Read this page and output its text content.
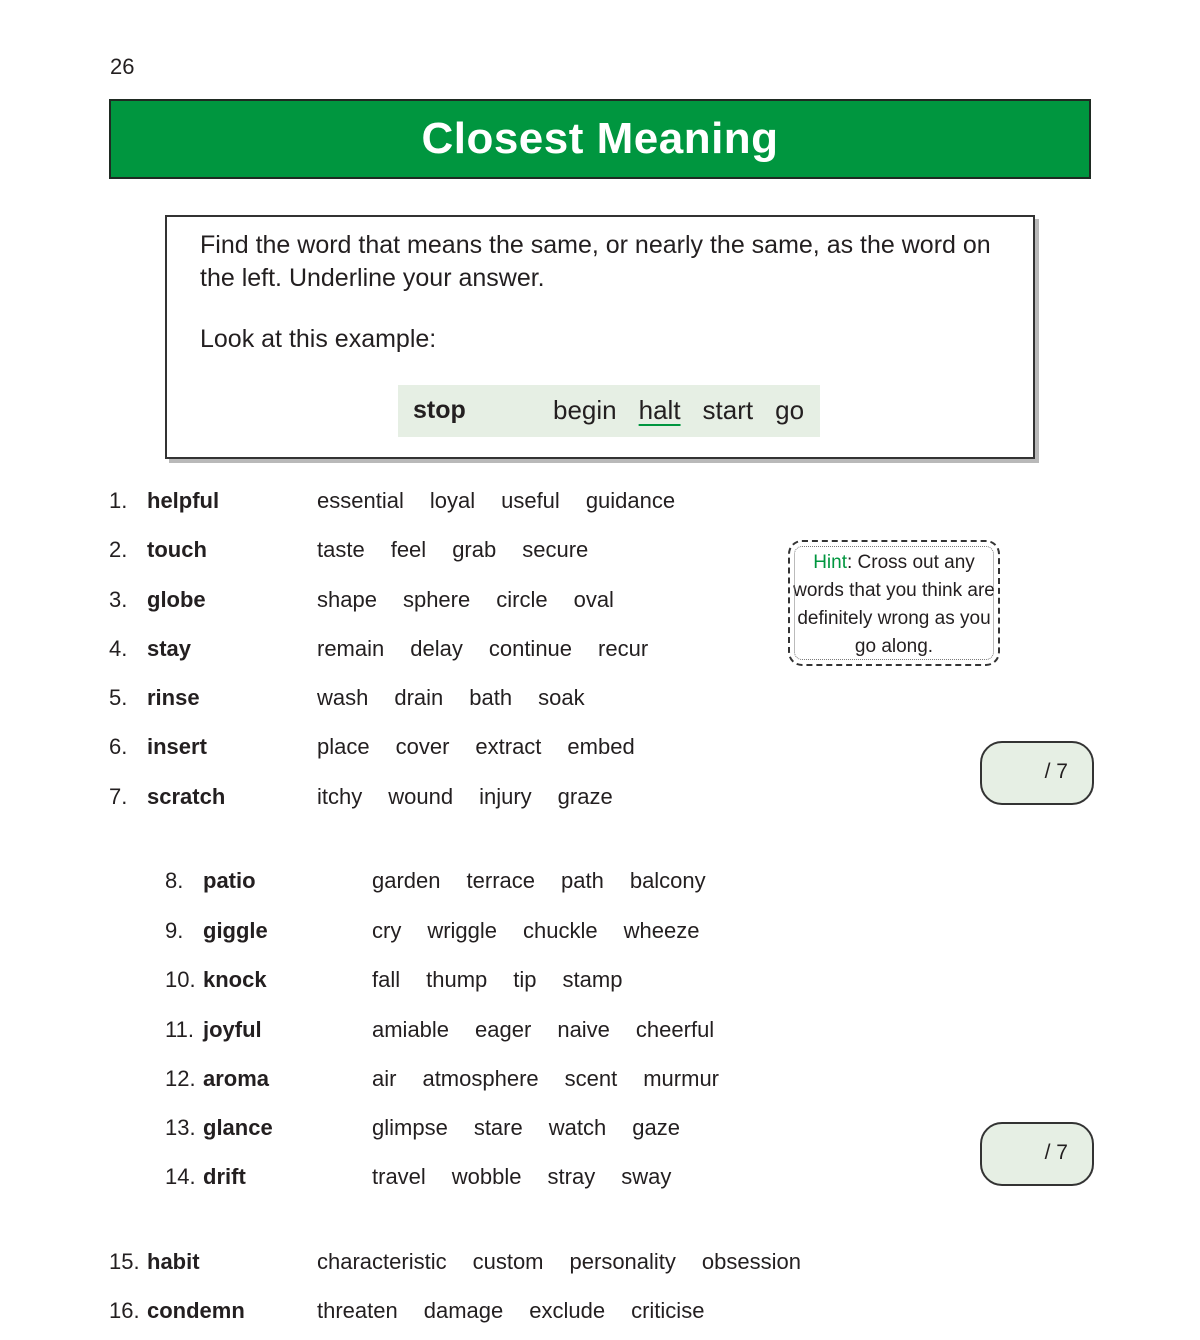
26
Closest Meaning
Find the word that means the same, or nearly the same, as the word on the left. Underline your answer.
Look at this example:
stop	begin halt start go
1. helpful	essential loyal useful guidance
2. touch	taste feel grab secure
3. globe	shape sphere circle oval
4. stay	remain delay continue recur
5. rinse	wash drain bath soak
6. insert	place cover extract embed
7. scratch	itchy wound injury graze
8. patio	garden terrace path balcony
9. giggle	cry wriggle chuckle wheeze
10. knock	fall thump tip stamp
11. joyful	amiable eager naive cheerful
12. aroma	air atmosphere scent murmur
13. glance	glimpse stare watch gaze
14. drift	travel wobble stray sway
15. habit	characteristic custom personality obsession
16. condemn	threaten damage exclude criticise
Hint: Cross out any words that you think are definitely wrong as you go along.
/ 7
/ 7
